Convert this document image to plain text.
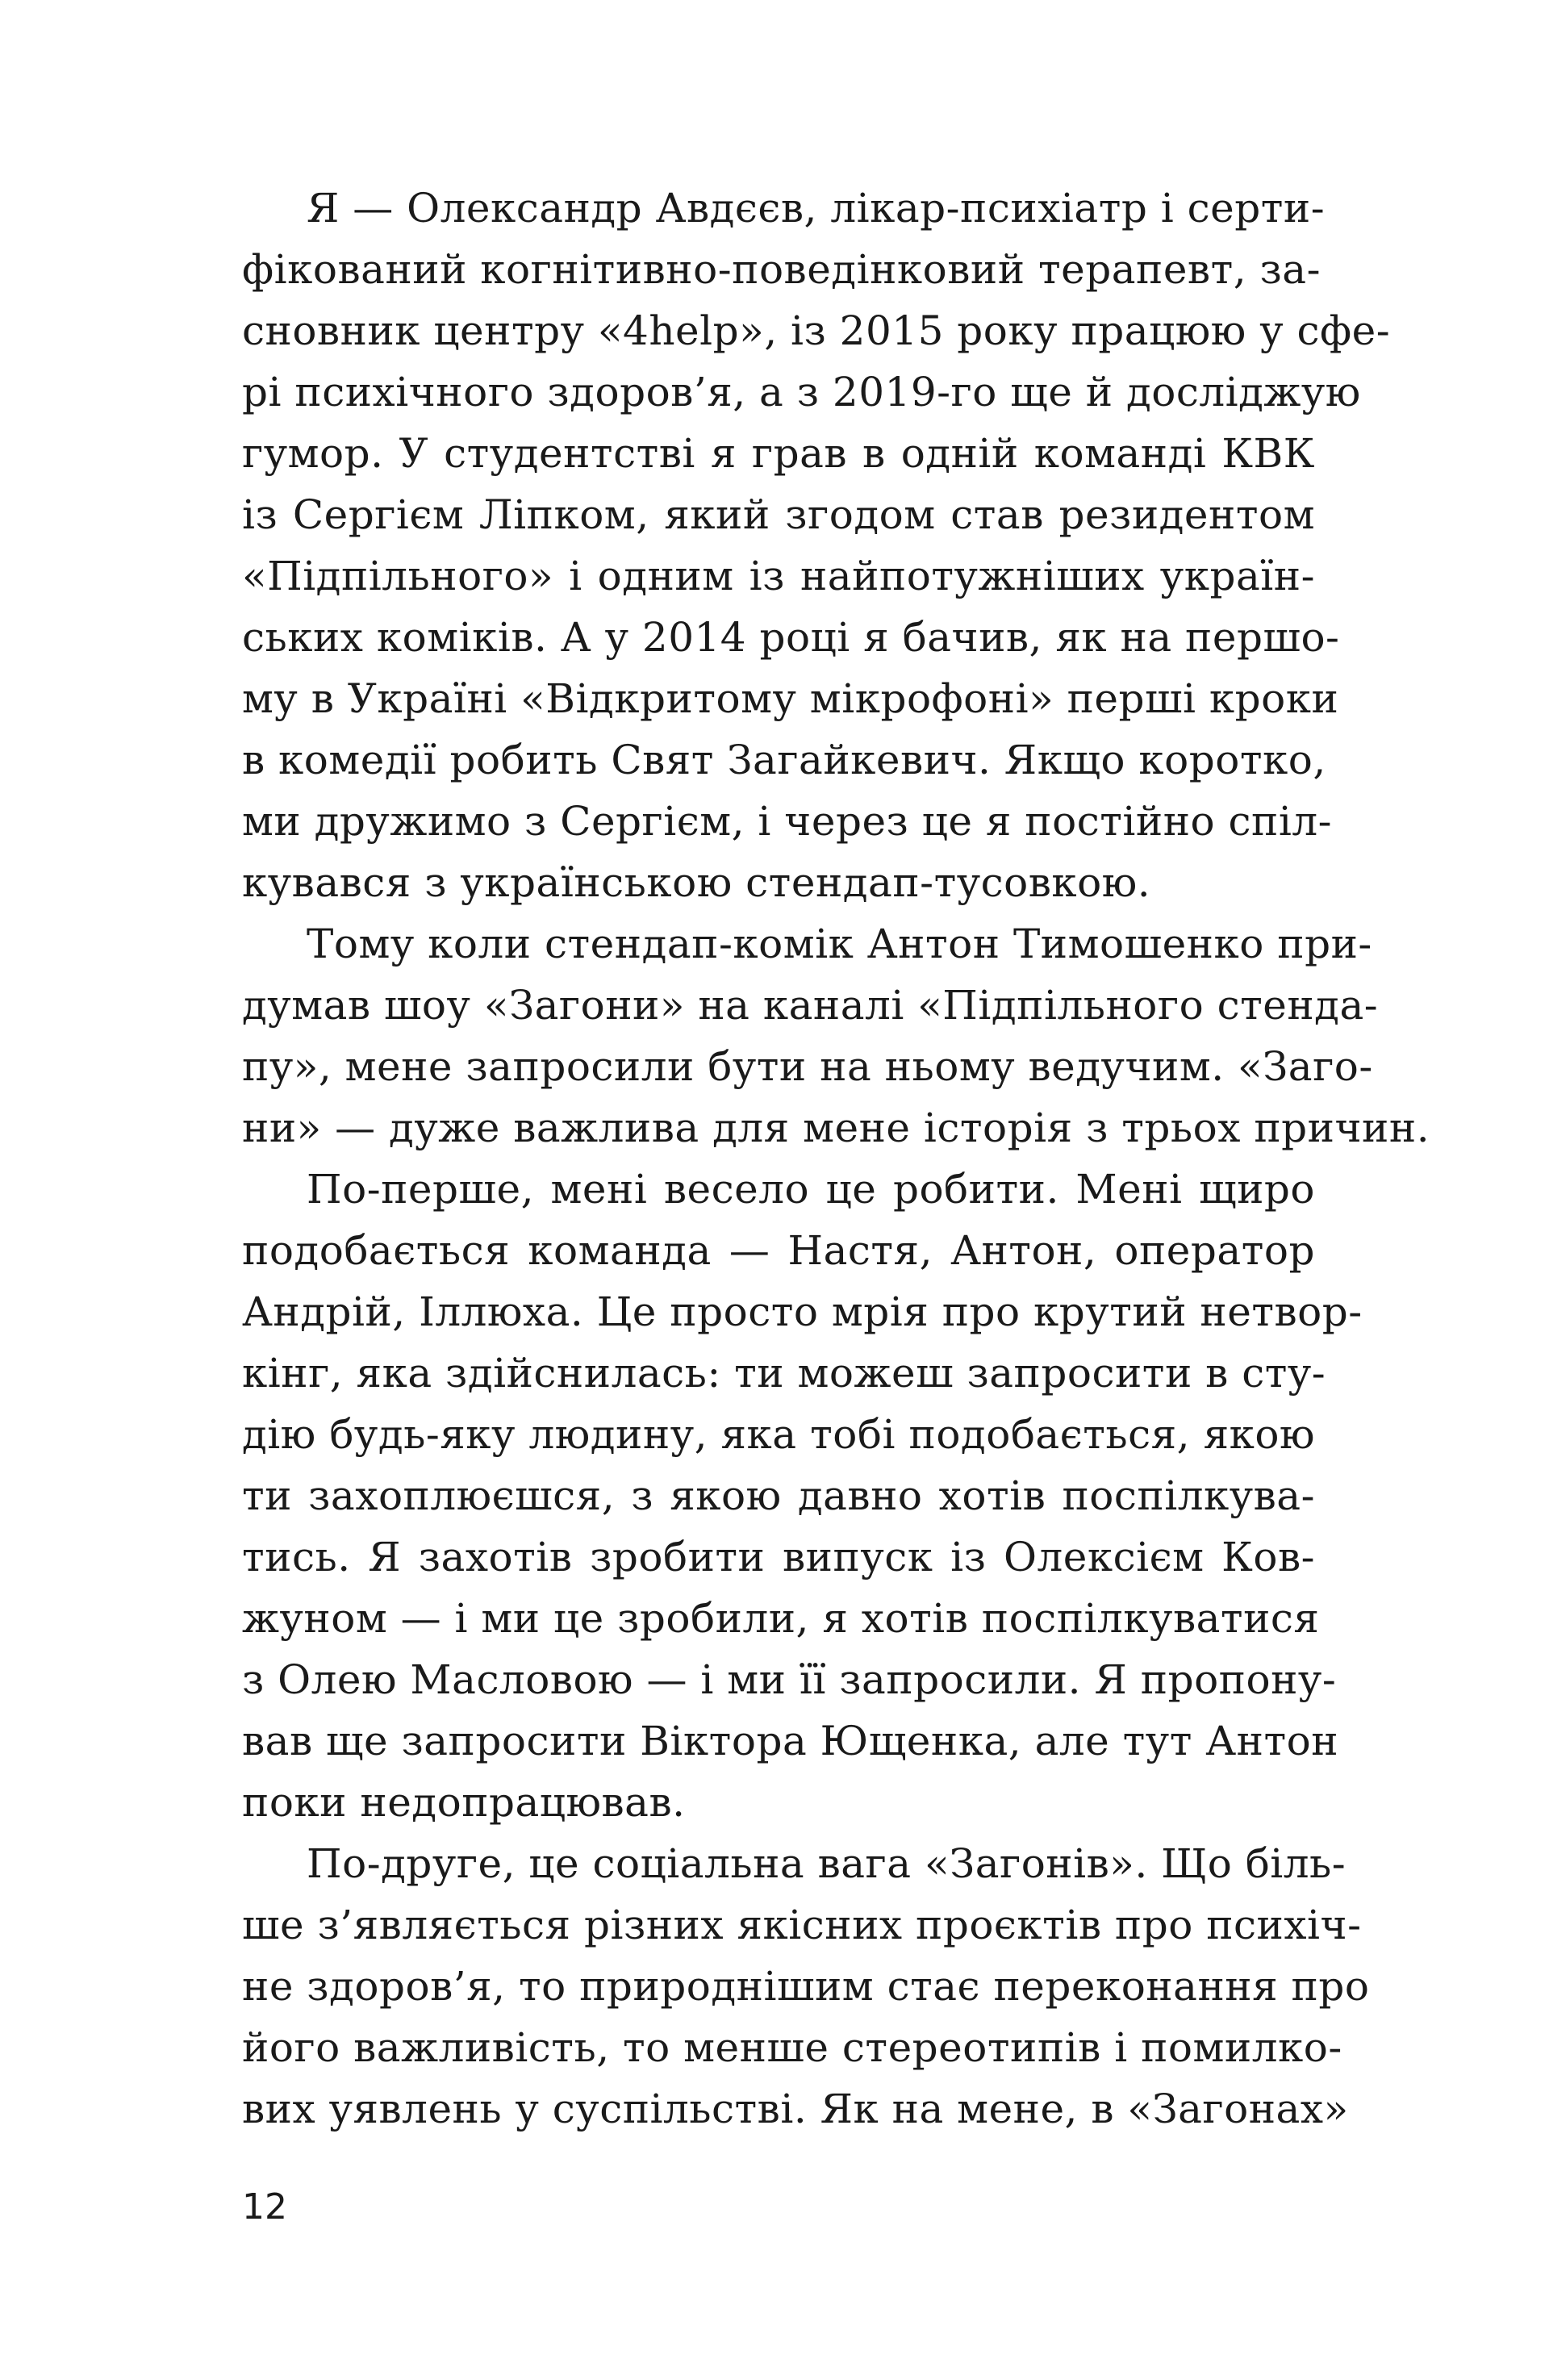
Я — Олександр Авдєєв, лікар-психіатр і серти-
фікований когнітивно-поведінковий терапевт, за-
сновник центру «4help», із 2015 року працюю у сфе-
рі психічного здоров’я, а з 2019-го ще й досліджую
гумор. У студентстві я грав в одній команді КВК
із Сергієм Ліпком, який згодом став резидентом
«Підпільного» і одним із найпотужніших україн-
ських коміків. А у 2014 році я бачив, як на першо-
му в Україні «Відкритому мікрофоні» перші кроки
в комедії робить Свят Загайкевич. Якщо коротко,
ми дружимо з Сергієм, і через це я постійно спіл-
кувався з українською стендап-тусовкою.
Тому коли стендап-комік Антон Тимошенко при-
думав шоу «Загони» на каналі «Підпільного стенда-
пу», мене запросили бути на ньому ведучим. «Заго-
ни» — дуже важлива для мене історія з трьох причин.
По-перше, мені весело це робити. Мені щиро
подобається команда — Настя, Антон, оператор
Андрій, Іллюха. Це просто мрія про крутий нетвор-
кінг, яка здійснилась: ти можеш запросити в сту-
дію будь-яку людину, яка тобі подобається, якою
ти захоплюєшся, з якою давно хотів поспілкува-
тись. Я захотів зробити випуск із Олексієм Ков-
жуном — і ми це зробили, я хотів поспілкуватися
з Олею Масловою — і ми її запросили. Я пропону-
вав ще запросити Віктора Ющенка, але тут Антон
поки недопрацював.
По-друге, це соціальна вага «Загонів». Що біль-
ше з’являється різних якісних проєктів про психіч-
не здоров’я, то природнішим стає переконання про
його важливість, то менше стереотипів і помилко-
вих уявлень у суспільстві. Як на мене, в «Загонах»
12
